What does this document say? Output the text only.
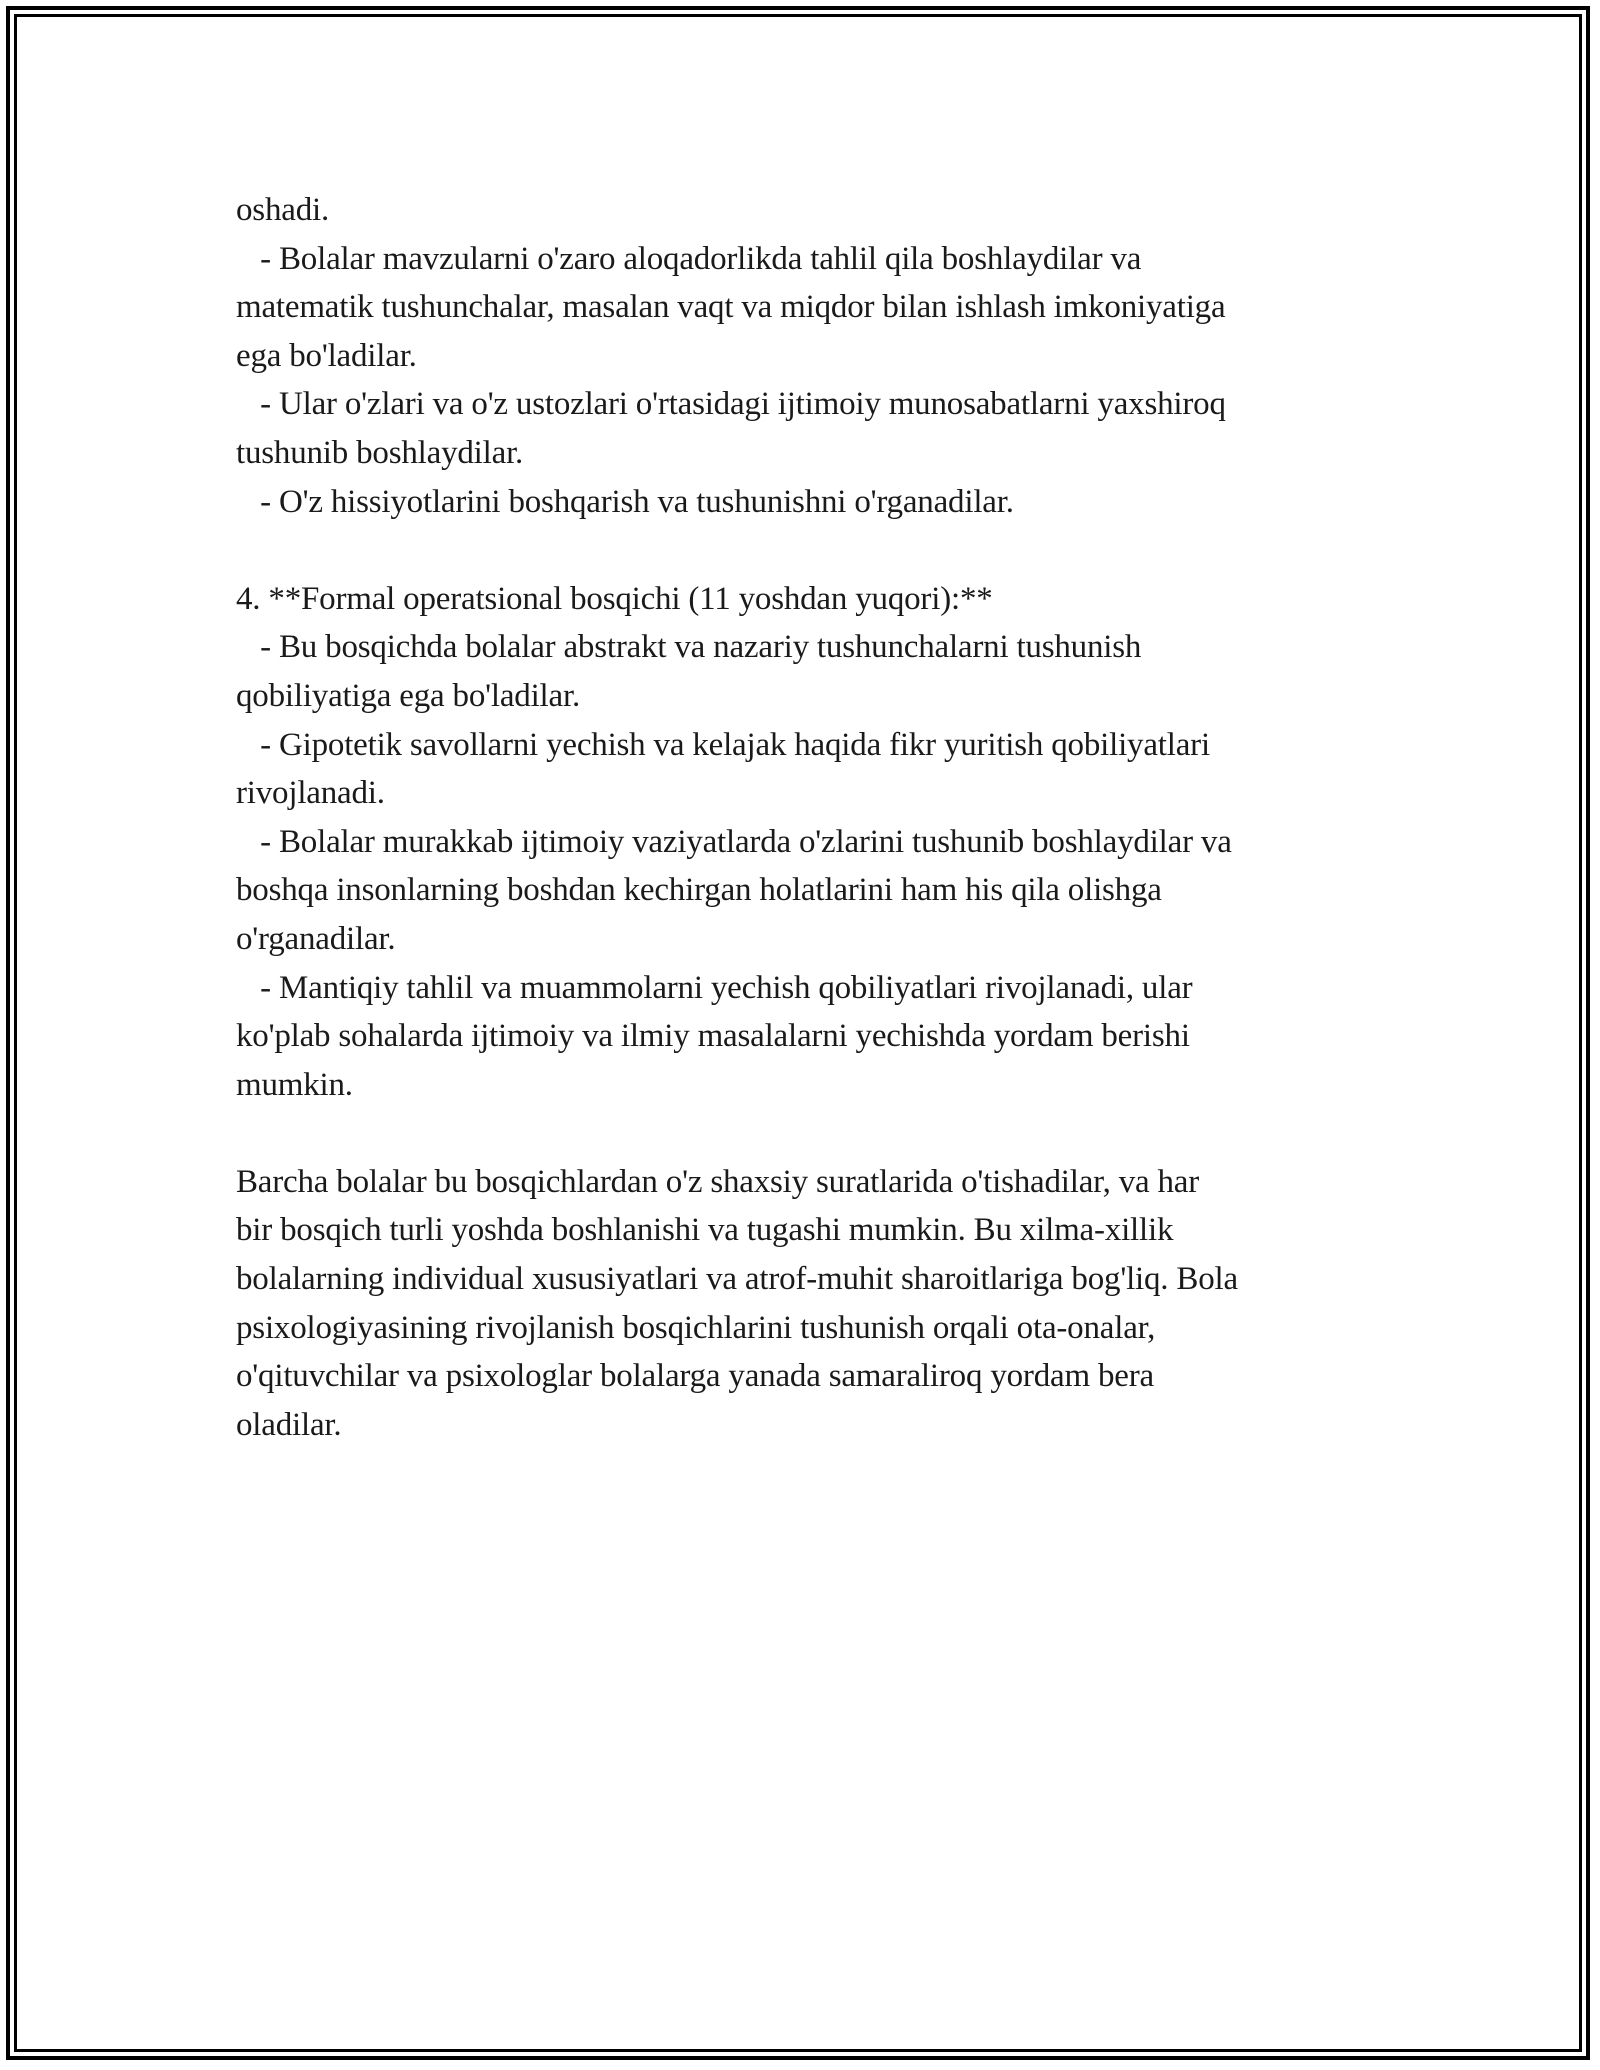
oshadi.
- Bolalar mavzularni o'zaro aloqadorlikda tahlil qila boshlaydilar va
matematik tushunchalar, masalan vaqt va miqdor bilan ishlash imkoniyatiga
ega bo'ladilar.
- Ular o'zlari va o'z ustozlari o'rtasidagi ijtimoiy munosabatlarni yaxshiroq
tushunib boshlaydilar.
- O'z hissiyotlarini boshqarish va tushunishni o'rganadilar.
4. **Formal operatsional bosqichi (11 yoshdan yuqori):**
- Bu bosqichda bolalar abstrakt va nazariy tushunchalarni tushunish
qobiliyatiga ega bo'ladilar.
- Gipotetik savollarni yechish va kelajak haqida fikr yuritish qobiliyatlari
rivojlanadi.
- Bolalar murakkab ijtimoiy vaziyatlarda o'zlarini tushunib boshlaydilar va
boshqa insonlarning boshdan kechirgan holatlarini ham his qila olishga
o'rganadilar.
- Mantiqiy tahlil va muammolarni yechish qobiliyatlari rivojlanadi, ular
ko'plab sohalarda ijtimoiy va ilmiy masalalarni yechishda yordam berishi
mumkin.
Barcha bolalar bu bosqichlardan o'z shaxsiy suratlarida o'tishadilar, va har
bir bosqich turli yoshda boshlanishi va tugashi mumkin. Bu xilma-xillik
bolalarning individual xususiyatlari va atrof-muhit sharoitlariga bog'liq. Bola
psixologiyasining rivojlanish bosqichlarini tushunish orqali ota-onalar,
o'qituvchilar va psixologlar bolalarga yanada samaraliroq yordam bera
oladilar.
